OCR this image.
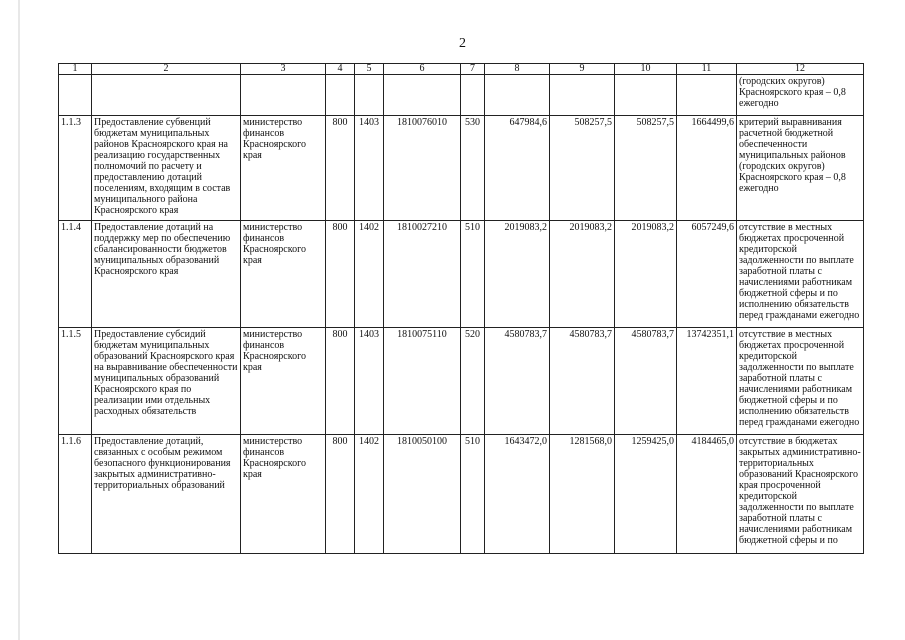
2
1	2	3	4	5	6	7	8	9	10	11	12
											(городских округов)
Красноярского края – 0,8
ежегодно
1.1.3	Предоставление субвенций бюджетам муниципальных районов Красноярского края на реализацию государственных полномочий по расчету и предоставлению дотаций поселениям, входящим в состав муниципального района Красноярского края	министерство финансов Красноярского края	800	1403	1810076010	530	647984,6	508257,5	508257,5	1664499,6	критерий выравнивания расчетной бюджетной обеспеченности муниципальных районов (городских округов) Красноярского края – 0,8 ежегодно
1.1.4	Предоставление дотаций на поддержку мер по обеспечению сбалансированности бюджетов муниципальных образований Красноярского края	министерство финансов Красноярского края	800	1402	1810027210	510	2019083,2	2019083,2	2019083,2	6057249,6	отсутствие в местных бюджетах просроченной кредиторской задолженности по выплате заработной платы с начислениями работникам бюджетной сферы и по исполнению обязательств перед гражданами ежегодно
1.1.5	Предоставление субсидий бюджетам муниципальных образований Красноярского края на выравнивание обеспеченности муниципальных образований Красноярского края по реализации ими отдельных расходных обязательств	министерство финансов Красноярского края	800	1403	1810075110	520	4580783,7	4580783,7	4580783,7	13742351,1	отсутствие в местных бюджетах просроченной кредиторской задолженности по выплате заработной платы с начислениями работникам бюджетной сферы и по исполнению обязательств перед гражданами ежегодно
1.1.6	Предоставление дотаций, связанных с особым режимом безопасного функционирования закрытых административно-территориальных образований	министерство финансов Красноярского края	800	1402	1810050100	510	1643472,0	1281568,0	1259425,0	4184465,0	отсутствие в бюджетах закрытых административно-территориальных образований Красноярского края просроченной кредиторской задолженности по выплате заработной платы с начислениями работникам бюджетной сферы и по
